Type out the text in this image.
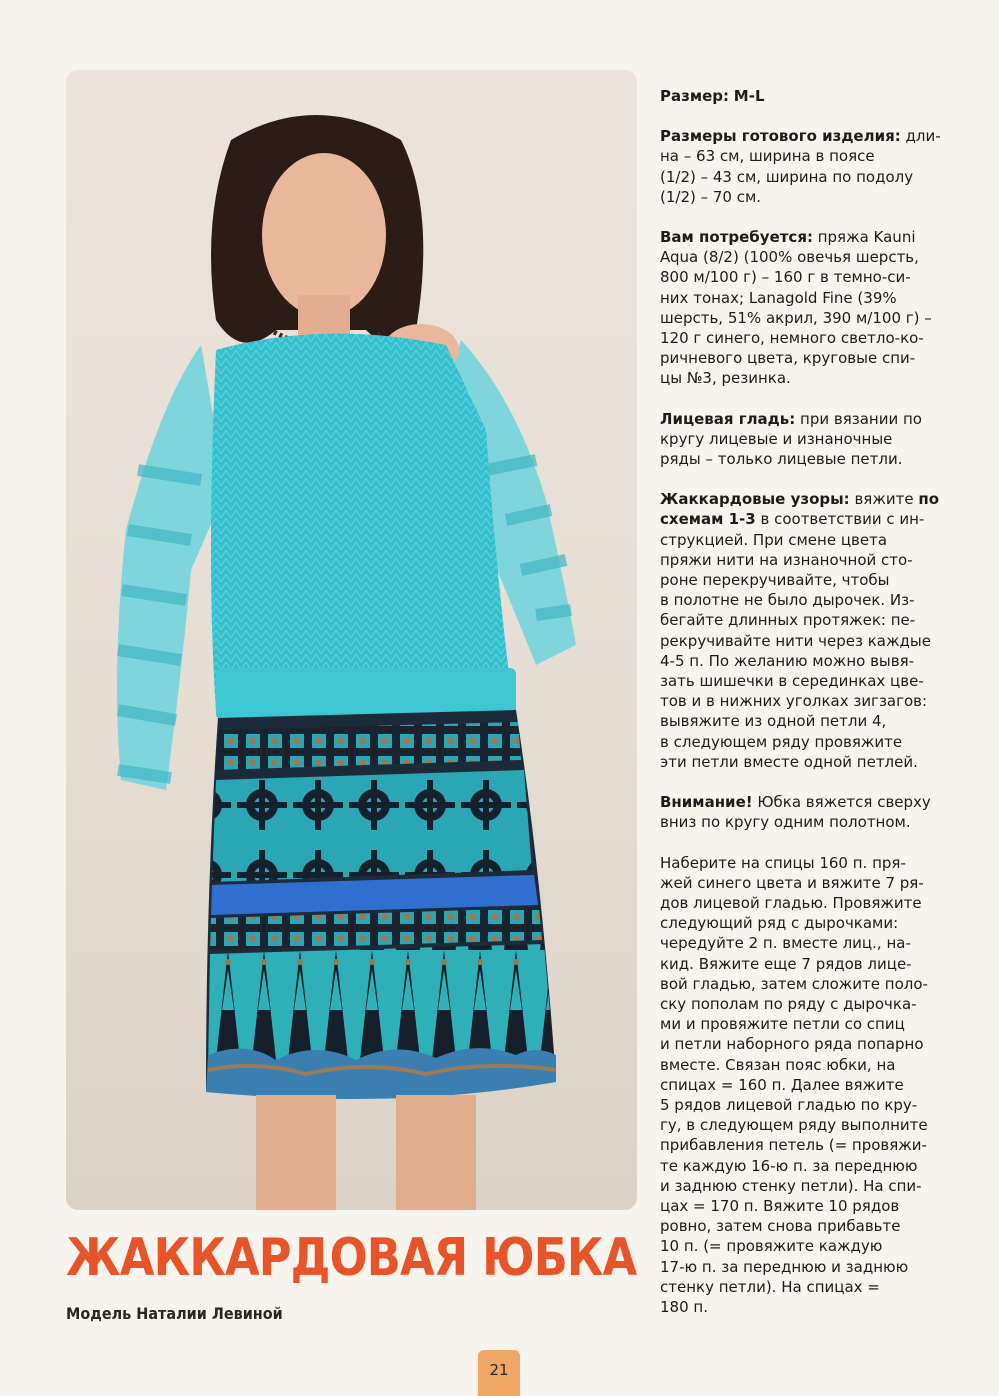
ЖАККАРДОВАЯ ЮБКА
Модель Наталии Левиной

Размер: M-L

Размеры готового изделия: дли-
на – 63 см, ширина в поясе
(1/2) – 43 см, ширина по подолу
(1/2) – 70 см.

Вам потребуется: пряжа Kauni
Aqua (8/2) (100% овечья шерсть,
800 м/100 г) – 160 г в темно-си-
них тонах; Lanagold Fine (39%
шерсть, 51% акрил, 390 м/100 г) –
120 г синего, немного светло-ко-
ричневого цвета, круговые спи-
цы №3, резинка.

Лицевая гладь: при вязании по
кругу лицевые и изнаночные
ряды – только лицевые петли.

Жаккардовые узоры: вяжите по
схемам 1-3 в соответствии с ин-
струкцией. При смене цвета
пряжи нити на изнаночной сто-
роне перекручивайте, чтобы
в полотне не было дырочек. Из-
бегайте длинных протяжек: пе-
рекручивайте нити через каждые
4-5 п. По желанию можно вывя-
зать шишечки в серединках цве-
тов и в нижних уголках зигзагов:
вывяжите из одной петли 4,
в следующем ряду провяжите
эти петли вместе одной петлей.

Внимание! Юбка вяжется сверху
вниз по кругу одним полотном.

Наберите на спицы 160 п. пря-
жей синего цвета и вяжите 7 ря-
дов лицевой гладью. Провяжите
следующий ряд с дырочками:
чередуйте 2 п. вместе лиц., на-
кид. Вяжите еще 7 рядов лице-
вой гладью, затем сложите поло-
ску пополам по ряду с дырочка-
ми и провяжите петли со спиц
и петли наборного ряда попарно
вместе. Связан пояс юбки, на
спицах = 160 п. Далее вяжите
5 рядов лицевой гладью по кру-
гу, в следующем ряду выполните
прибавления петель (= провяжи-
те каждую 16-ю п. за переднюю
и заднюю стенку петли). На спи-
цах = 170 п. Вяжите 10 рядов
ровно, затем снова прибавьте
10 п. (= провяжите каждую
17-ю п. за переднюю и заднюю
стенку петли). На спицах =
180 п.

21
